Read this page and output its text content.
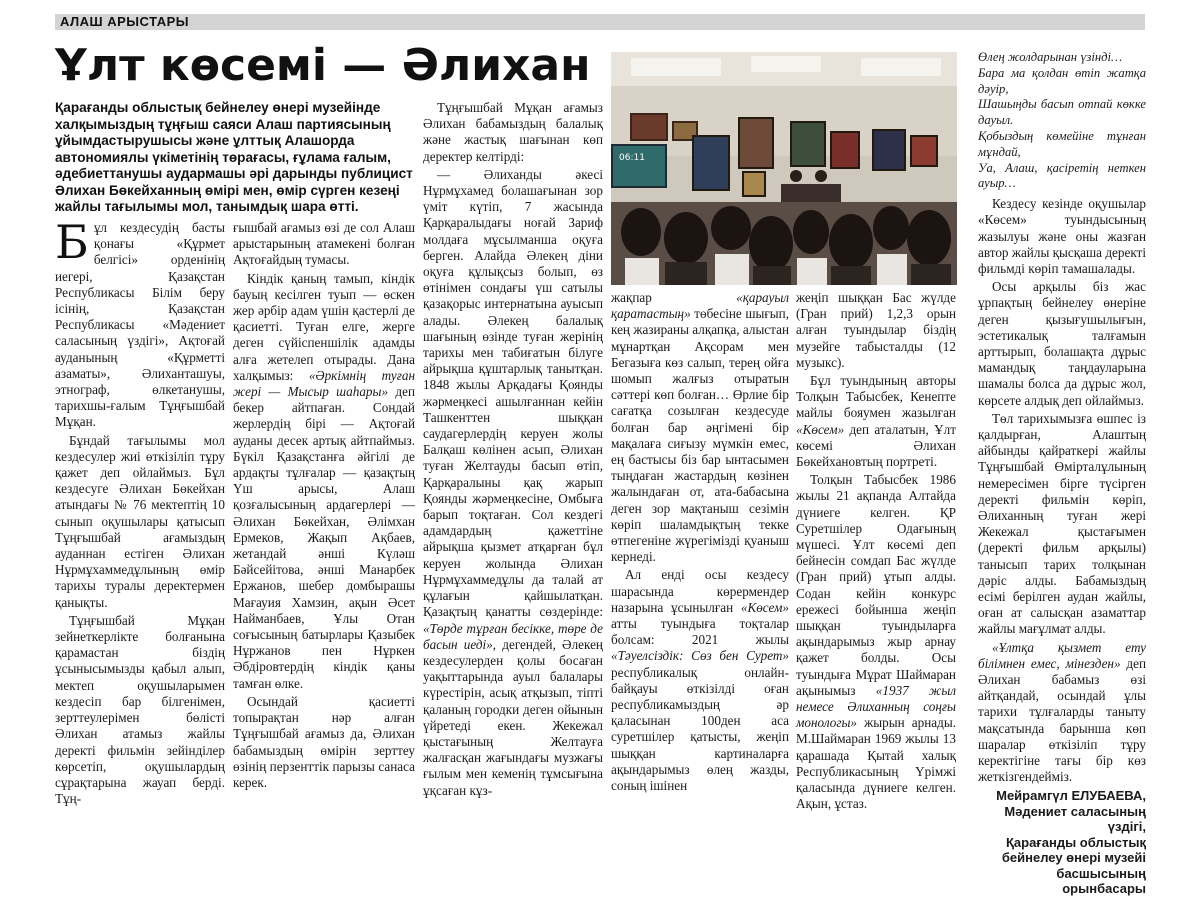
АЛАШ АРЫСТАРЫ
Ұлт көсемі — Әлихан
Қарағанды облыстық бейнелеу өнері музейінде халқымыздың тұңғыш саяси Алаш партиясының ұйымдастырушысы және ұлттық Алашорда автономиялы үкіметінің төрағасы, ғұлама ғалым, әдебиеттанушы аудармашы әрі дарынды публицист Әлихан Бөкейханның өмірі мен, өмір сүрген кезеңі жайлы тағылымы мол, танымдық шара өтті.

Бұл кездесудің басты қонағы «Құрмет белгісі» орденінің иегері, Қазақстан Республикасы Білім беру ісінің, Қазақстан Республикасы «Мәдениет саласының үздігі», Ақтоғай ауданының «Құрметті азаматы», Әлиханташуы, этнограф, өлкетанушы, тарихшы-ғалым Тұңғышбай Мұқан.

Бұндай тағылымы мол кездесулер жиі өткізіліп тұру қажет деп ойлаймыз. Бұл кездесуге Әлихан Бөкейхан атындағы № 76 мектептің 10 сынып оқушылары қатысып Тұңғышбай ағамыздың ауданнан естіген Әлихан Нұрмұхаммедұлының өмір тарихы туралы деректермен қанықты.

Тұңғышбай Мұқан зейнеткерлікте болғанына қарамастан біздің ұсынысымызды қабыл алып, мектеп оқушыларымен кездесіп бар білгенімен, зерттеулерімен бөлісті Әлихан атамыз жайлы деректі фильмін зейінділер көрсетіп, оқушылардың сұрақтарына жауап берді. Тұң-

ғышбай ағамыз өзі де сол Алаш арыстарының атамекені болған Ақтоғайдың тумасы.

Кіндік қаның тамып, кіндік бауың кесілген туып — өскен жер әрбір адам үшін қастерлі де қасиетті. Туған елге, жерге деген сүйіспеншілік адамды алға жетелеп отырады. Дана халқымыз: «Әркімнің туған жері — Мысыр шаһары» деп бекер айтпаған. Сондай жерлердің бірі — Ақтоғай ауданы десек артық айтпаймыз. Бүкіл Қазақстанға әйгілі де ардақты тұлғалар — қазақтың Үш арысы, Алаш қозғалысының ардагерлері — Әлихан Бөкейхан, Әлімхан Ермеков, Жақып Ақбаев, жетандай әнші Күләш Бәйсейітова, әнші Манарбек Ержанов, шебер домбырашы Мағауия Хамзин, ақын Әсет Найманбаев, Ұлы Отан соғысының батырлары Қазыбек Нұржанов пен Нұркен Әбдіровтердің кіндік қаны тамған өлке.

Осындай қасиетті топырақтан нәр алған Тұңғышбай ағамыз да, Әлихан бабамыздың өмірін зерттеу өзінің перзенттік парызы санаса керек.

Тұңғышбай Мұқан ағамыз Әлихан бабамыздың балалық және жастық шағынан көп деректер келтірді:

— Әлиханды әкесі Нұрмұхамед болашағынан зор үміт күтіп, 7 жасында Қарқаралыдағы ноғай Зариф молдаға мұсылманша оқуға берген. Алайда Әлекең діни оқуға құлықсыз болып, өз өтінімен сондағы үш сатылы қазақорыс интернатына ауысып алады. Әлекең балалық шағының өзінде туған жерінің тарихы мен табиғатын білуге айрықша құштарлық танытқан. 1848 жылы Арқадағы Қоянды жәрмеңкесі ашылғаннан кейін Ташкенттен шыққан саудагерлердің керуен жолы Балқаш көлінен асып, Әлихан туған Желтауды басып өтіп, Қарқаралыны қақ жарып Қоянды жәрмеңкесіне, Омбыға барып тоқтаған. Сол кездегі адамдардың қажеттіне айрықша қызмет атқарған бұл керуен жолында Әлихан Нұрмұхаммедұлы да талай ат құлағын қайшылатқан. Қазақтың қанатты сөздерінде: «Төрде тұрған бесікке, төре де басын иеді», дегендей, Әлекең кездесулерден қолы босаған уақыттарында ауыл балалары күрестірін, асық атқызып, тіпті қаланың городки деген ойынын үйретеді екен. Жекежал қыстағының Желтауға жалғасқан жағындағы музжағы ғылым мен кеменің тұмсығына ұқсаған кұз-

06:11

жақпар	«қарауыл қаратастың» төбесіне шығып, кең жазираны алқапқа, алыстан мұнартқан Ақсорам мен Бегазыға көз салып, терең ойға шомып жалғыз отыратын сәттері көп болған… Өрлие бір сағатқа созылған кездесуде болған бар әңгімені бір мақалаға сиғызу мүмкін емес, ең бастысы біз бар ынтасымен тыңдаған жастардың көзінен жалындаған от, ата-бабасына деген зор мақтаныш сезімін көріп шаламдықтың текке өтпегеніне жүрегімізді қуаныш кернеді.

Ал енді осы кездесу шарасында көрермендер назарына ұсынылған «Көсем» атты туындыға тоқталар болсам: 2021 жылы «Тәуелсіздік: Сөз бен Сурет» республикалық онлайн-байқауы өткізілді оған республикамыздың әр қаласынан 100ден аса суретшілер қатысты, жеңіп шыққан картиналарға ақындарымыз өлең жазды, соның ішінен

жеңіп шыққан Бас жүлде (Гран прий) 1,2,3 орын алған туындылар біздің музейге табысталды (12 музыкс).

Бұл туындының авторы Толқын Табысбек, Кенепте майлы бояумен жазылған «Көсем» деп аталатын, Ұлт көсемі Әлихан Бөкейхановтың портреті.

Толқын Табысбек 1986 жылы 21 ақпанда Алтайда дүниеге келген. ҚР Суретшілер Одағының мүшесі. Ұлт көсемі деп бейнесін сомдап Бас жүлде (Гран прий) ұтып алды. Содан кейін конкурс ережесі бойынша жеңіп шыққан туындыларға ақындарымыз жыр арнау қажет болды. Осы туындыға Мұрат Шаймаран ақынымыз «1937 жыл немесе Әлиханның соңғы монологы» жырын арнады. М.Шаймаран 1969 жылы 13 қарашада Қытай халық Республикасының Үрімжі қаласында дүниеге келген. Ақын, ұстаз.

Өлең жолдарынан үзінді…

Бара ма қолдан өтіп жатқа дәуір,

Шашыңды басып отпай көкке дауыл.

Қобыздың көмейіне тұнған мұндай,

Уа, Алаш, қасіретің неткен ауыр…

Кездесу кезінде оқушылар «Көсем» туындысының жазылуы және оны жазған автор жайлы қысқаша деректі фильмді көріп тамашалады.

Осы арқылы біз жас ұрпақтың бейнелеу өнеріне деген қызығушылығын, эстетикалық талғамын арттырып, болашақта дұрыс мамандық таңдауларына шамалы болса да дұрыс жол, көрсете алдық деп ойлаймыз.

Төл тарихымызға өшпес із қалдырған, Алаштың айбынды қайраткері жайлы Тұңғышбай Өмірталұлының немересімен бірге түсірген деректі фильмін көріп, Әлиханның туған жері Жекежал қыстағымен (деректі фильм арқылы) танысып тарих толқынан дәріс алды. Бабамыздың есімі берілген аудан жайлы, оған ат салысқан азаматтар жайлы мағұлмат алды.

«Ұлтқа қызмет ету білімнен емес, мінезден» деп Әлихан бабамыз өзі айтқандай, осындай ұлы тарихи тұлғаларды таныту мақсатында барынша көп шаралар өткізіліп тұру керектігіне тағы бір көз жеткізгендейміз.

Мейрамгүл ЕЛУБАЕВА,
Мәдениет саласының үздігі,
Қарағанды облыстық
бейнелеу өнері музейі
басшысының орынбасары
